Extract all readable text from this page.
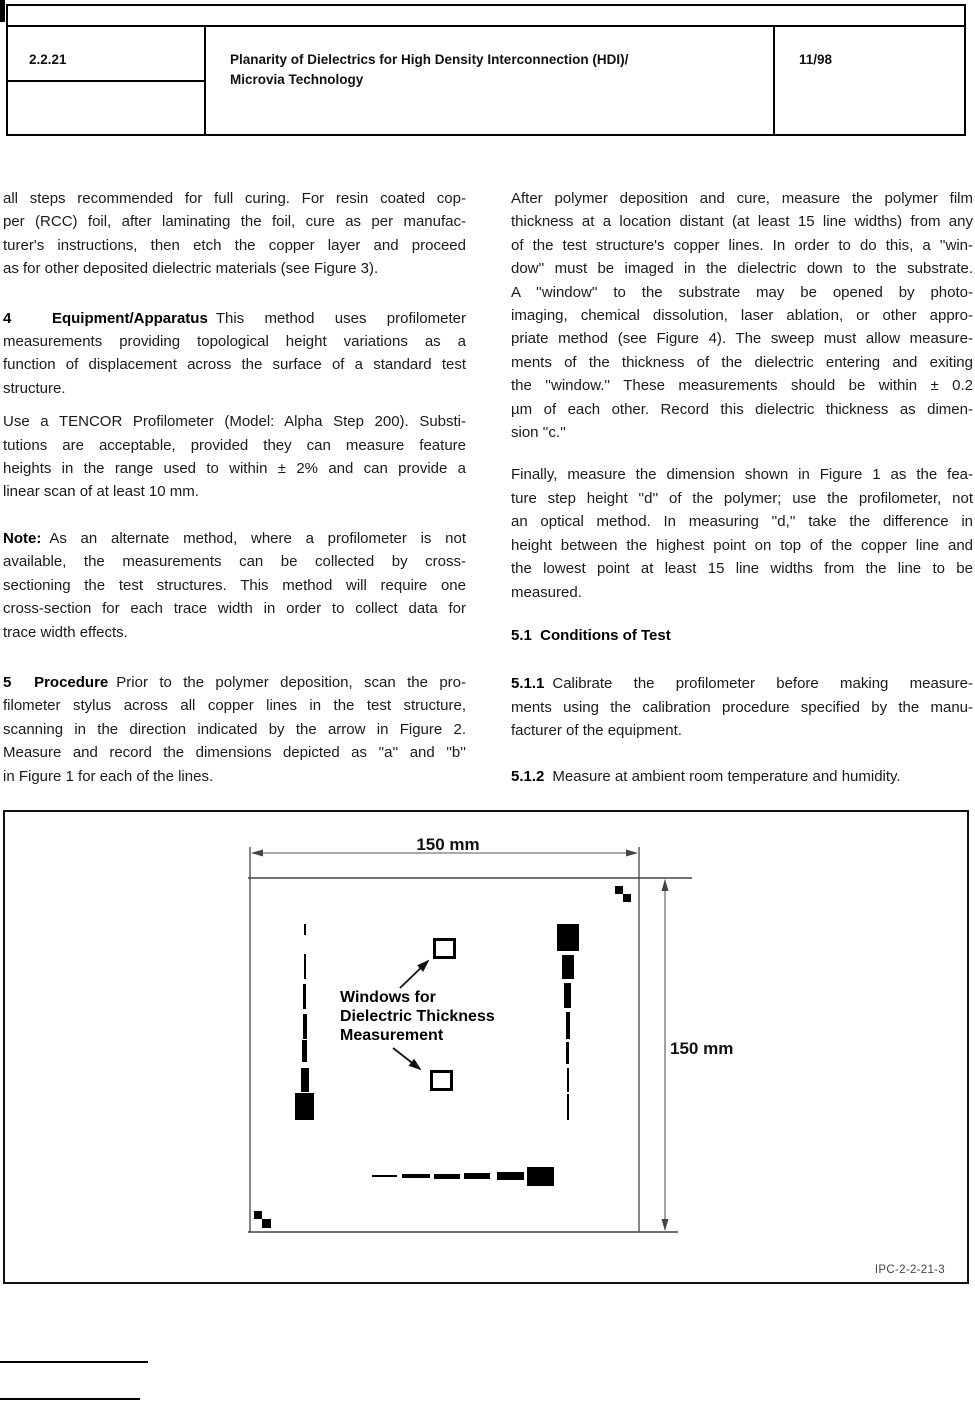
2.2.21	Planarity of Dielectrics for High Density Interconnection (HDI)/
Microvia Technology
11/98
all steps recommended for full curing. For resin coated cop-
per (RCC) foil, after laminating the foil, cure as per manufac-
turer's instructions, then etch the copper layer and proceed
as for other deposited dielectric materials (see Figure 3).
4  Equipment/Apparatus This method uses profilometer
measurements providing topological height variations as a
function of displacement across the surface of a standard test
structure.
Use a TENCOR Profilometer (Model: Alpha Step 200). Substi-
tutions are acceptable, provided they can measure feature
heights in the range used to within ± 2% and can provide a
linear scan of at least 10 mm.
Note: As an alternate method, where a profilometer is not
available, the measurements can be collected by cross-
sectioning the test structures. This method will require one
cross-section for each trace width in order to collect data for
trace width effects.
5  Procedure Prior to the polymer deposition, scan the pro-
filometer stylus across all copper lines in the test structure,
scanning in the direction indicated by the arrow in Figure 2.
Measure and record the dimensions depicted as ''a'' and ''b''
in Figure 1 for each of the lines.
After polymer deposition and cure, measure the polymer film
thickness at a location distant (at least 15 line widths) from any
of the test structure's copper lines. In order to do this, a ''win-
dow'' must be imaged in the dielectric down to the substrate.
A ''window'' to the substrate may be opened by photo-
imaging, chemical dissolution, laser ablation, or other appro-
priate method (see Figure 4). The sweep must allow measure-
ments of the thickness of the dielectric entering and exiting
the ''window.'' These measurements should be within ± 0.2
µm of each other. Record this dielectric thickness as dimen-
sion ''c.''
Finally, measure the dimension shown in Figure 1 as the fea-
ture step height ''d'' of the polymer; use the profilometer, not
an optical method. In measuring ''d,'' take the difference in
height between the highest point on top of the copper line and
the lowest point at least 15 line widths from the line to be
measured.
5.1  Conditions of Test
5.1.1 Calibrate the profilometer before making measure-
ments using the calibration procedure specified by the manu-
facturer of the equipment.
5.1.2 Measure at ambient room temperature and humidity.
150 mm
150 mm
Windows for
Dielectric Thickness
Measurement
IPC-2-2-21-3
